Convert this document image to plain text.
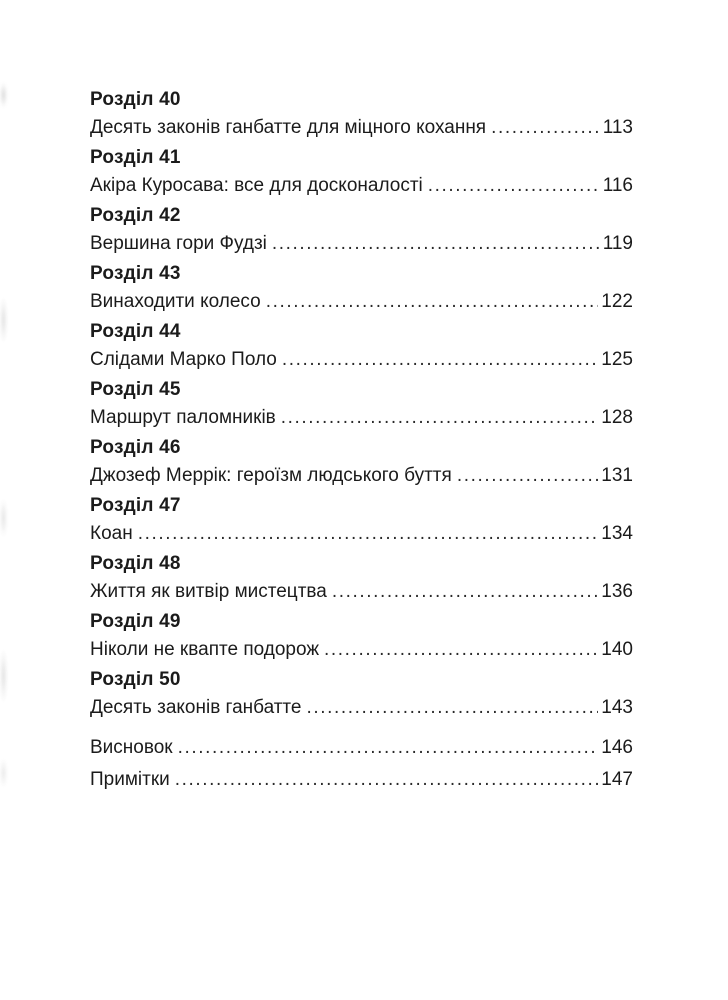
Розділ 40
Десять законів ганбатте для міцного кохання .....	113
Розділ 41
Акіра Куросава: все для досконалості .....	116
Розділ 42
Вершина гори Фудзі .....	119
Розділ 43
Винаходити колесо .....	122
Розділ 44
Слідами Марко Поло .....	125
Розділ 45
Маршрут паломників .....	128
Розділ 46
Джозеф Меррік: героїзм людського буття .....	131
Розділ 47
Коан .....	134
Розділ 48
Життя як витвір мистецтва .....	136
Розділ 49
Ніколи не квапте подорож .....	140
Розділ 50
Десять законів ганбатте .....	143
Висновок .....	146
Примітки .....	147
